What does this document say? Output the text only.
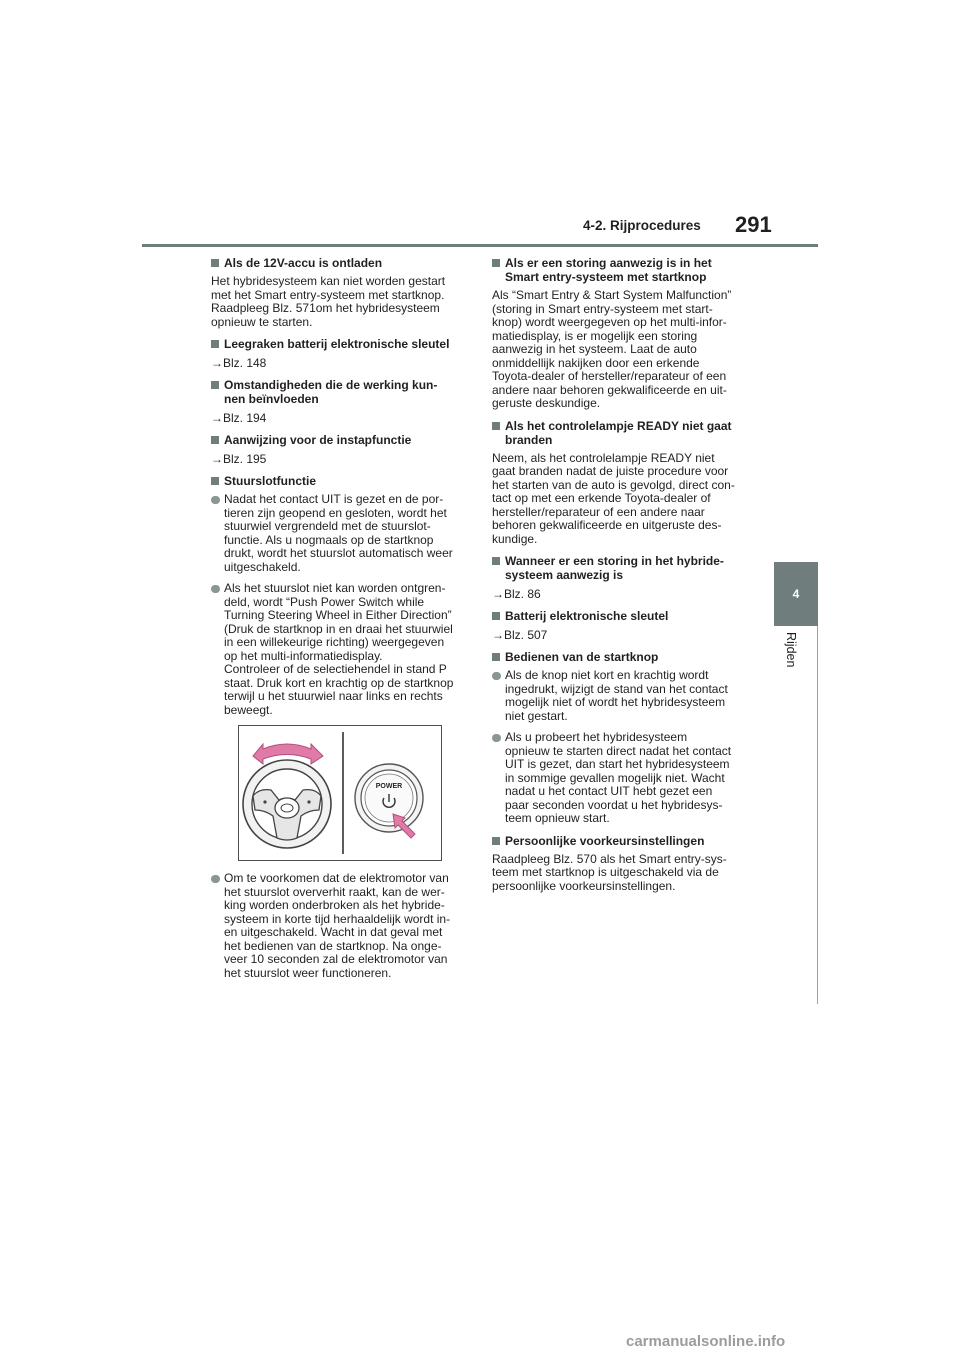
4-2. Rijprocedures 291
4
Rijden
Als de 12V-accu is ontladen

Het hybridesysteem kan niet worden gestart
met het Smart entry-systeem met startknop.
Raadpleeg Blz. 571om het hybridesysteem
opnieuw te starten.

Leegraken batterij elektronische sleutel

→Blz. 148

Omstandigheden die de werking kun-
nen beïnvloeden

→Blz. 194

Aanwijzing voor de instapfunctie

→Blz. 195

Stuurslotfunctie
Nadat het contact UIT is gezet en de por-
tieren zijn geopend en gesloten, wordt het
stuurwiel vergrendeld met de stuurslot-
functie. Als u nogmaals op de startknop
drukt, wordt het stuurslot automatisch weer
uitgeschakeld.
Als het stuurslot niet kan worden ontgren-
deld, wordt “Push Power Switch while
Turning Steering Wheel in Either Direction”
(Druk de startknop in en draai het stuurwiel
in een willekeurige richting) weergegeven
op het multi-informatiedisplay.
Controleer of de selectiehendel in stand P
staat. Druk kort en krachtig op de startknop
terwijl u het stuurwiel naar links en rechts
beweegt.
POWER
Om te voorkomen dat de elektromotor van
het stuurslot oververhit raakt, kan de wer-
king worden onderbroken als het hybride-
systeem in korte tijd herhaaldelijk wordt in-
en uitgeschakeld. Wacht in dat geval met
het bedienen van de startknop. Na onge-
veer 10 seconden zal de elektromotor van
het stuurslot weer functioneren.
Als er een storing aanwezig is in het
Smart entry-systeem met startknop

Als “Smart Entry & Start System Malfunction”
(storing in Smart entry-systeem met start-
knop) wordt weergegeven op het multi-infor-
matiedisplay, is er mogelijk een storing
aanwezig in het systeem. Laat de auto
onmiddellijk nakijken door een erkende
Toyota-dealer of hersteller/reparateur of een
andere naar behoren gekwalificeerde en uit-
geruste deskundige.

Als het controlelampje READY niet gaat
branden

Neem, als het controlelampje READY niet
gaat branden nadat de juiste procedure voor
het starten van de auto is gevolgd, direct con-
tact op met een erkende Toyota-dealer of
hersteller/reparateur of een andere naar
behoren gekwalificeerde en uitgeruste des-
kundige.

Wanneer er een storing in het hybride-
systeem aanwezig is

→Blz. 86

Batterij elektronische sleutel

→Blz. 507

Bedienen van de startknop
Als de knop niet kort en krachtig wordt
ingedrukt, wijzigt de stand van het contact
mogelijk niet of wordt het hybridesysteem
niet gestart.
Als u probeert het hybridesysteem
opnieuw te starten direct nadat het contact
UIT is gezet, dan start het hybridesysteem
in sommige gevallen mogelijk niet. Wacht
nadat u het contact UIT hebt gezet een
paar seconden voordat u het hybridesys-
teem opnieuw start.
Persoonlijke voorkeursinstellingen

Raadpleeg Blz. 570 als het Smart entry-sys-
teem met startknop is uitgeschakeld via de
persoonlijke voorkeursinstellingen.

carmanualsonline.info
